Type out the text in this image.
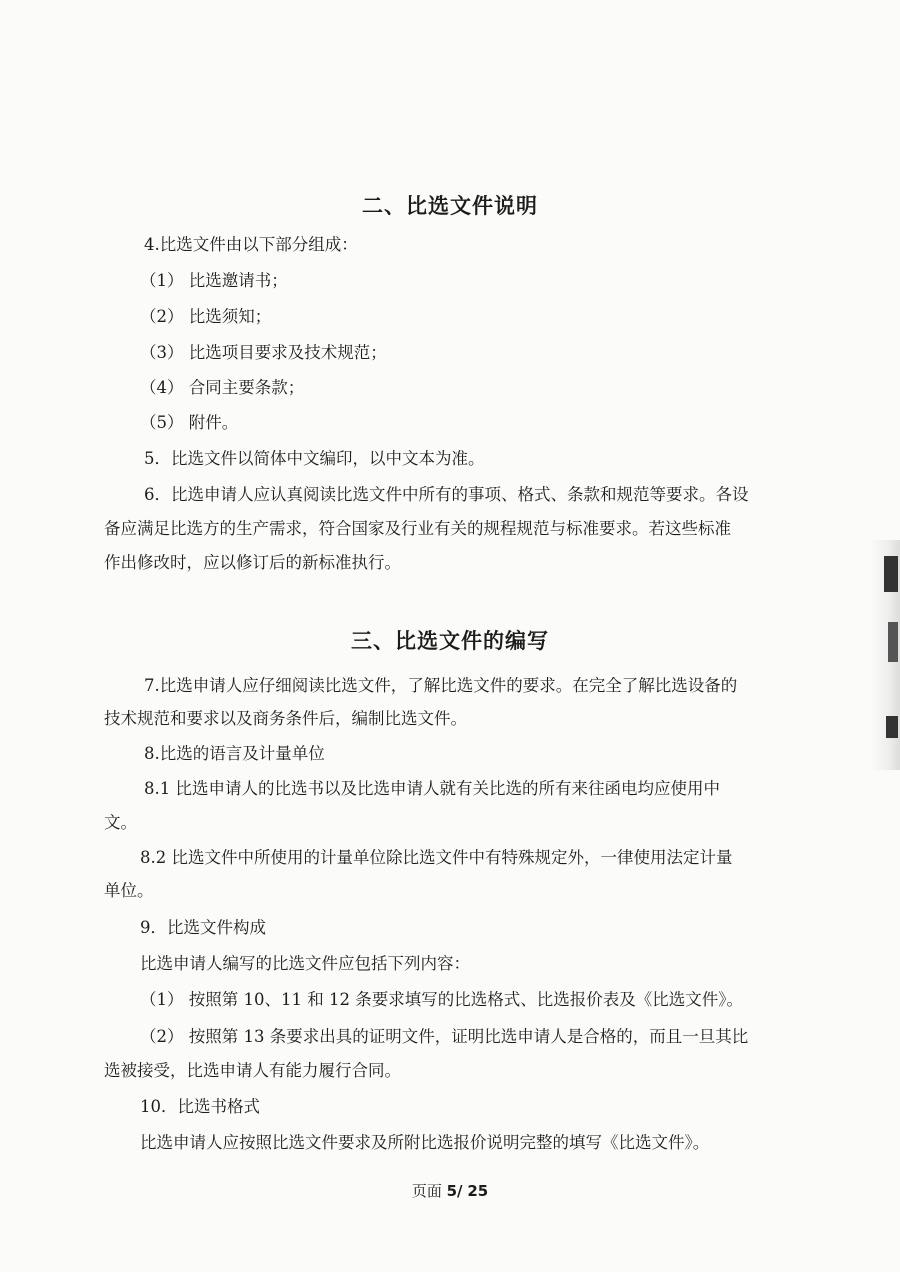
二、比选文件说明
4.比选文件由以下部分组成：
（1） 比选邀请书；
（2） 比选须知；
（3） 比选项目要求及技术规范；
（4） 合同主要条款；
（5） 附件。
5．比选文件以简体中文编印，以中文本为准。
6．比选申请人应认真阅读比选文件中所有的事项、格式、条款和规范等要求。各设
备应满足比选方的生产需求，符合国家及行业有关的规程规范与标准要求。若这些标准
作出修改时，应以修订后的新标准执行。
三、比选文件的编写
7.比选申请人应仔细阅读比选文件，了解比选文件的要求。在完全了解比选设备的
技术规范和要求以及商务条件后，编制比选文件。
8.比选的语言及计量单位
8.1 比选申请人的比选书以及比选申请人就有关比选的所有来往函电均应使用中
文。
8.2 比选文件中所使用的计量单位除比选文件中有特殊规定外，一律使用法定计量
单位。
9．比选文件构成
比选申请人编写的比选文件应包括下列内容：
（1） 按照第 10、11 和 12 条要求填写的比选格式、比选报价表及《比选文件》。
（2） 按照第 13 条要求出具的证明文件，证明比选申请人是合格的，而且一旦其比
选被接受，比选申请人有能力履行合同。
10．比选书格式
比选申请人应按照比选文件要求及所附比选报价说明完整的填写《比选文件》。
页面 5/ 25
